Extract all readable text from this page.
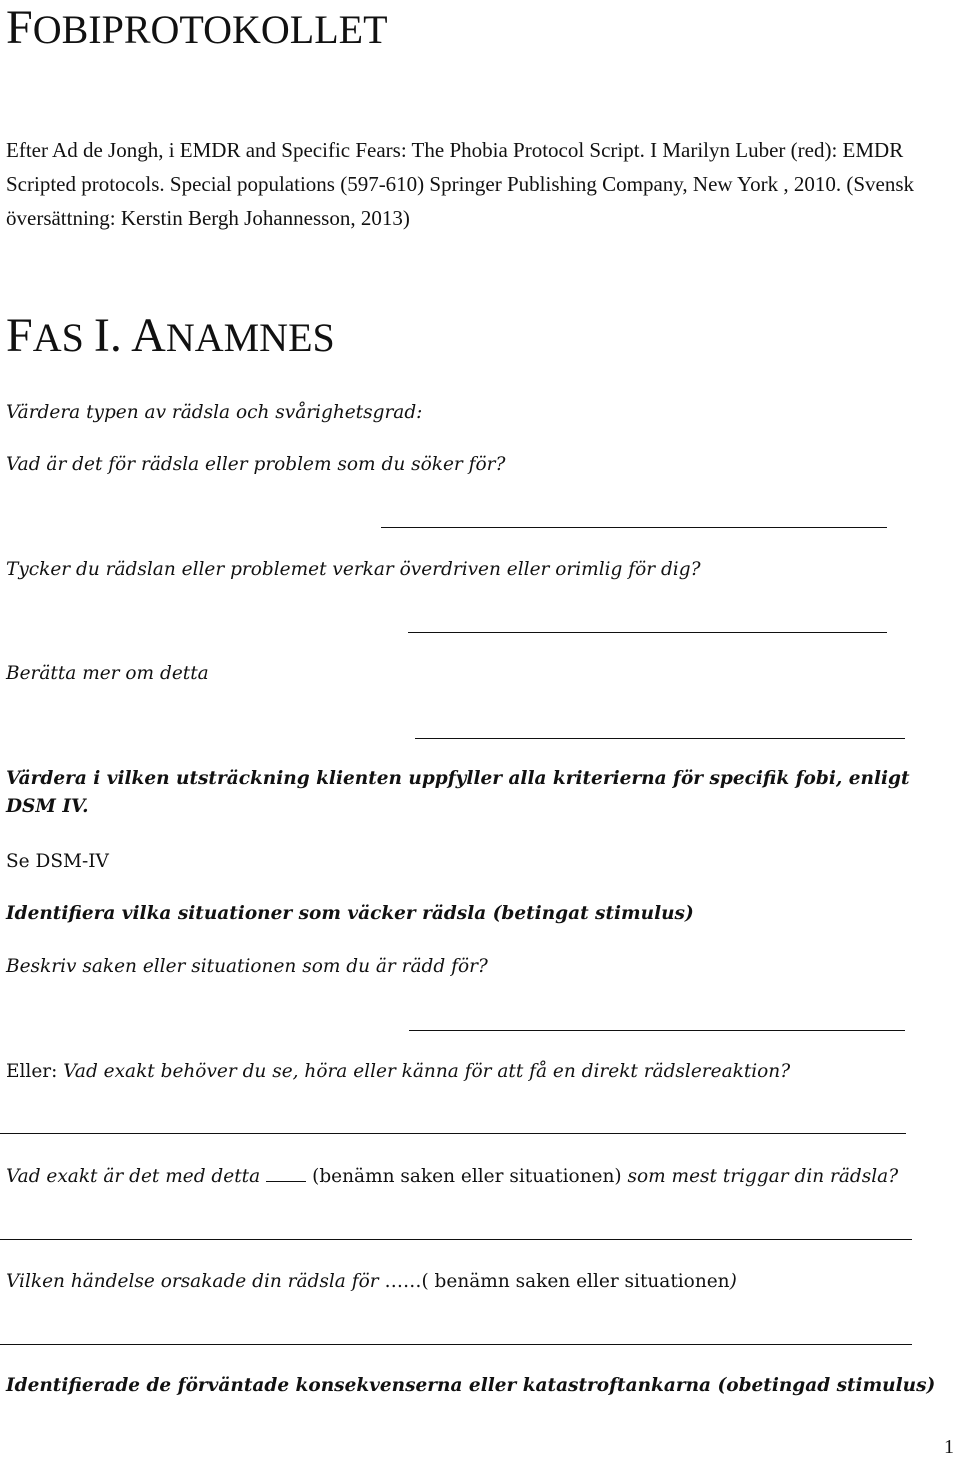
FOBIPROTOKOLLET

Efter Ad de Jongh, i EMDR and Specific Fears: The Phobia Protocol Script. I Marilyn Luber (red): EMDR Scripted protocols. Special populations (597-610) Springer Publishing Company, New York , 2010. (Svensk översättning: Kerstin Bergh Johannesson, 2013)

FAS I. ANAMNES
Värdera typen av rädsla och svårighetsgrad:
Vad är det för rädsla eller problem som du söker för?
Tycker du rädslan eller problemet verkar överdriven eller orimlig för dig?
Berätta mer om detta
Värdera i vilken utsträckning klienten uppfyller alla kriterierna för specifik fobi, enligt DSM IV.
Se DSM-IV
Identifiera vilka situationer som väcker rädsla (betingat stimulus)
Beskriv saken eller situationen som du är rädd för?
Eller: Vad exakt behöver du se, höra eller känna för att få en direkt rädslereaktion?
Vad exakt är det med detta	(benämn saken eller situationen) som mest triggar din rädsla?
Vilken händelse orsakade din rädsla för ……( benämn saken eller situationen)
Identifierade de förväntade konsekvenserna eller katastroftankarna (obetingad stimulus)
1
